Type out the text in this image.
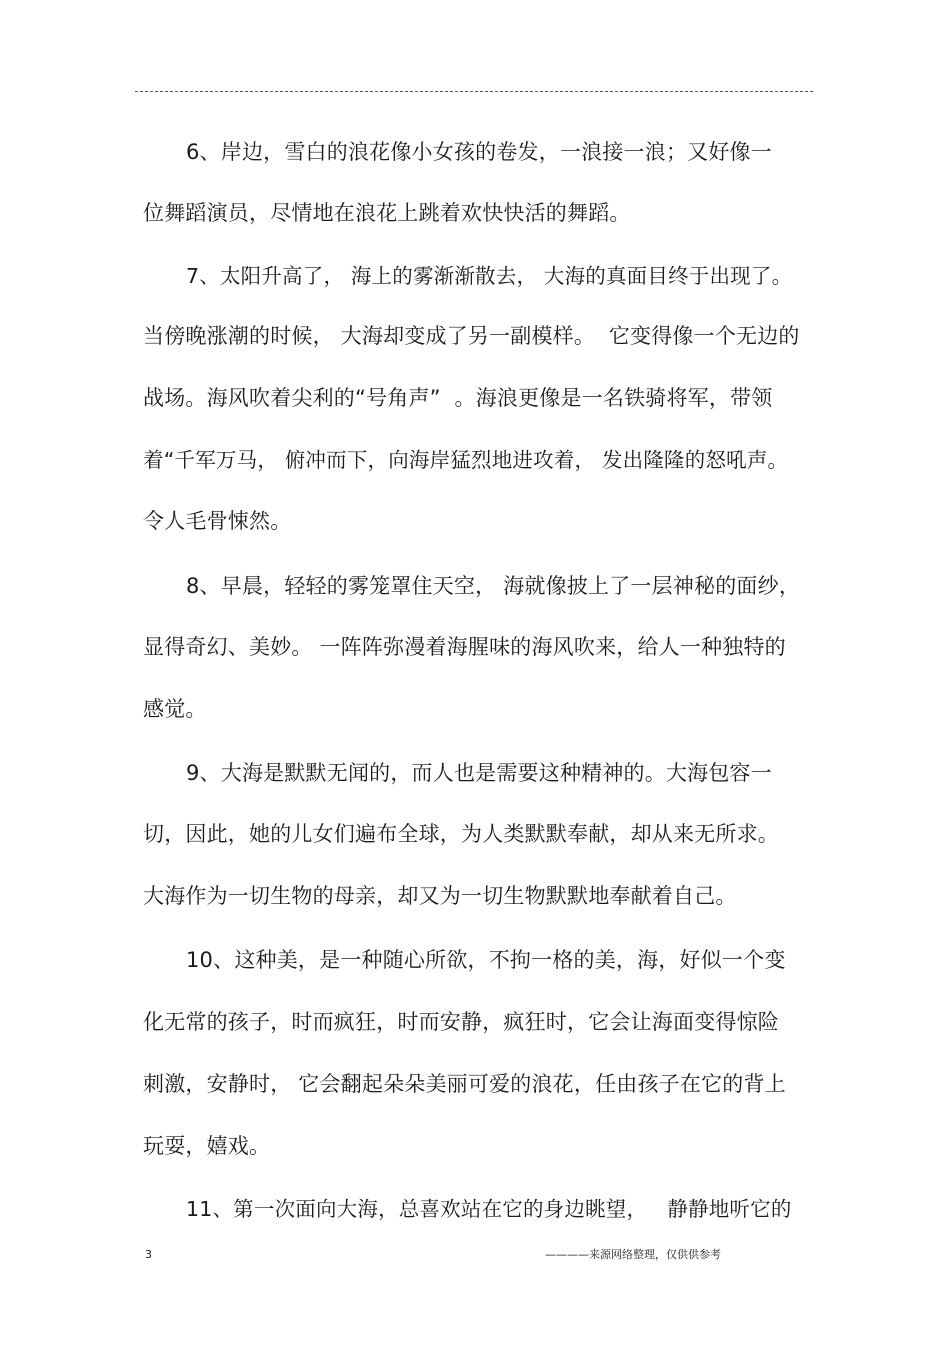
6、岸边，雪白的浪花像小女孩的卷发，一浪接一浪；又好像一
位舞蹈演员，尽情地在浪花上跳着欢快快活的舞蹈。
7、太阳升高了， 海上的雾渐渐散去， 大海的真面目终于出现了。
当傍晚涨潮的时候， 大海却变成了另一副模样。  它变得像一个无边的
战场。海风吹着尖利的“号角声”  。海浪更像是一名铁骑将军，带领
着“千军万马， 俯冲而下，向海岸猛烈地进攻着， 发出隆隆的怒吼声。
令人毛骨悚然。
8、早晨，轻轻的雾笼罩住天空， 海就像披上了一层神秘的面纱，
显得奇幻、美妙。 一阵阵弥漫着海腥味的海风吹来，给人一种独特的
感觉。
9、大海是默默无闻的，而人也是需要这种精神的。大海包容一
切，因此，她的儿女们遍布全球，为人类默默奉献，却从来无所求。
大海作为一切生物的母亲，却又为一切生物默默地奉献着自己。
10、这种美，是一种随心所欲，不拘一格的美，海，好似一个变
化无常的孩子，时而疯狂，时而安静，疯狂时，它会让海面变得惊险
刺激，安静时， 它会翻起朵朵美丽可爱的浪花，任由孩子在它的背上
玩耍，嬉戏。
11、第一次面向大海，总喜欢站在它的身边眺望，   静静地听它的
3	————来源网络整理，仅供供参考
